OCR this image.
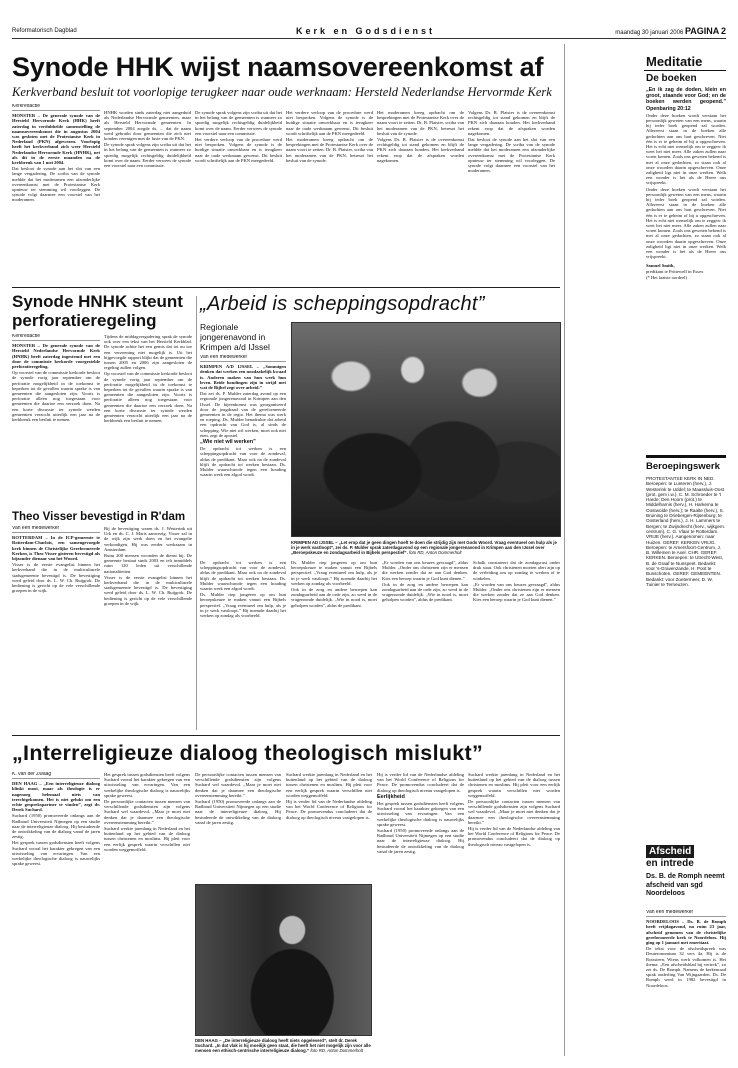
Reformatorisch Dagblad	Kerk en Godsdienst	maandag 30 januari 2006 PAGINA 2
Synode HHK wijst naamsovereenkomst af
Kerkverband besluit tot voorlopige terugkeer naar oude werknaam: Hersteld Nederlandse Hervormde Kerk
Kerkredactie

MONSTER – De generale synode van de Hersteld Hervormde Kerk (HHK) heeft zaterdag in verdubbelde samenstelling de naamsovereenkomst die in augustus 2004 was gesloten met de Protestantse Kerk in Nederland (PKN) afgewezen. Voorlopig heeft het kerkverband zich weer Hersteld Nederlandse Hervormde Kerk (HNHK), net als dit in de eerste maanden na de kerkbreuk van 1 mei 2004.

Dat besloot de synode aan het slot van een lange vergadering. De scriba van de synode meldde dat het moderamen een afzonderlijke overeenkomst met de Protestantse Kerk opnieuw ter stemming wil voorleggen. De synode volgt daarmee een voorstel van het moderamen.

HNHK worden sinds zaterdag niet aangeduid als Nederlandse Hervormde gemeenten, maar als Hersteld Hervormde gemeenten. In september 2004 zorgde ds. ... dat de naam werd gebruikt door gemeenten die zich niet konden verenigen met de fusie van de PKN.

De synode sprak volgens zijn scriba uit dat het in het belang van de gemeenten is wanneer zo spoedig mogelijk rechtsgeldig duidelijkheid komt over de naam. Eerder verwees de synode een voorstel naar een commissie.

De synode sprak volgens zijn scriba uit dat het in het belang van de gemeenten is wanneer zo spoedig mogelijk rechtsgeldig duidelijkheid komt over de naam. Eerder verwees de synode een voorstel naar een commissie.

Het verdere verloop van de procedure werd niet besproken. Volgens de synode is de huidige situatie onwerkbaar en is terugkeer naar de oude werknaam gewenst. Dit besluit wordt schriftelijk aan de PKN meegedeeld.

Het verdere verloop van de procedure werd niet besproken. Volgens de synode is de huidige situatie onwerkbaar en is terugkeer naar de oude werknaam gewenst. Dit besluit wordt schriftelijk aan de PKN meegedeeld.

Het moderamen kreeg opdracht om de besprekingen met de Protestantse Kerk over de naam voort te zetten. Dr. B. Plaisier, scriba van het moderamen van de PKN, betreurt het besluit van de synode.

Het moderamen kreeg opdracht om de besprekingen met de Protestantse Kerk over de naam voort te zetten. Dr. B. Plaisier, scriba van het moderamen van de PKN, betreurt het besluit van de synode.

Volgens Dr. B. Plaisier is de overeenkomst rechtsgeldig tot stand gekomen en blijft de PKN zich daaraan houden. Het kerkverband rekent erop dat de afspraken worden nagekomen.

Volgens Dr. B. Plaisier is de overeenkomst rechtsgeldig tot stand gekomen en blijft de PKN zich daaraan houden. Het kerkverband rekent erop dat de afspraken worden nagekomen.

Dat besloot de synode aan het slot van een lange vergadering. De scriba van de synode meldde dat het moderamen een afzonderlijke overeenkomst met de Protestantse Kerk opnieuw ter stemming wil voorleggen. De synode volgt daarmee een voorstel van het moderamen.

Synode HNHK steunt perforatieregeling
Kerkredactie

MONSTER – De generale synode van de Hersteld Nederlandse Hervormde Kerk (HNHK) heeft zaterdag ingestemd met een door de commissie kerkorde voorgestelde perforatieregeling.

Op voorstel van de commissie kerkorde besloot de synode vorig jaar september om de perforatie mogelijkheid in de toekomst te beperken tot de gevallen waarin sprake is van gemeenten die aangesloten zijn. Voorts is perforatie alleen nog toegestaan voor gemeenten die daartoe een verzoek doen. Na een korte discussie ter synode werden gemeenten verzocht uiterlijk een jaar na de kerkbreuk een besluit te nemen.

Tijdens de middagvergadering sprak de synode ook over een tekst van het Hersteld Kerkblad. De synode achtte het een gemis dat tot nu toe een verzoening niet mogelijk is. Uit het bijgevoegde rapport blijkt dat de gemeenten die tussen 2005 en 2006 zijn aangesloten de regeling zullen volgen.

Op voorstel van de commissie kerkorde besloot de synode vorig jaar september om de perforatie mogelijkheid in de toekomst te beperken tot de gevallen waarin sprake is van gemeenten die aangesloten zijn. Voorts is perforatie alleen nog toegestaan voor gemeenten die daartoe een verzoek doen. Na een korte discussie ter synode werden gemeenten verzocht uiterlijk een jaar na de kerkbreuk een besluit te nemen.

Theo Visser bevestigd in R'dam
Van een medewerker

ROTTERDAM – In de ICP-gemeente te Rotterdam-Charlois, een samengevoegde kerk binnen de Christelijke Gereformeerde Kerken, is Theo Visser gisteren bevestigd als bijzonder dienaar van het Woord.

Visser is de eerste evangelist binnen het kerkverband die in de multiculturele stadsgemeente bevestigd is. De bevestiging werd geleid door ds. L. W. Ch. Ruijgrok. De bediening is gericht op de vele verschillende groepen in de wijk.

Bij de bevestiging waren ds. J. Westerink uit Urk en ds. C. J. Maris aanwezig. Visser zal in de wijk zijn werk doen en het evangelie verkondigen. Hij was eerder werkzaam in Amsterdam.

Ruim 200 mensen woonden de dienst bij. De gemeente bestaat sinds 2003 en telt inmiddels ruim 120 leden uit verschillende nationaliteiten.

Visser is de eerste evangelist binnen het kerkverband die in de multiculturele stadsgemeente bevestigd is. De bevestiging werd geleid door ds. L. W. Ch. Ruijgrok. De bediening is gericht op de vele verschillende groepen in de wijk.

„Arbeid is scheppingsopdracht”
Regionale jongerenavond in Krimpen a/d IJssel
Van een medewerker

KRIMPEN A/D IJSSEL – „Sommigen denken dat werken een noodzakelijk kwaad is. Anderen maken van hun werk hun leven. Beide houdingen zijn in strijd met wat de Bijbel zegt over arbeid.”

Dat zei ds. P. Mulder zaterdag avond op een regionale jongerenavond in Krimpen aan den IJssel. De bijeenkomst was georganiseerd door de jeugdraad van de gereformeerde gemeenten in de regio. Het thema was werk en roeping. Ds. Mulder benadrukte dat arbeid een opdracht van God is, al sinds de schepping. Wie niet wil werken, moet ook niet eten, zegt de apostel.

„Wie niet wil werken”

De opdracht tot werken is een scheppingsopdracht van voor de zondeval, aldus de predikant. Maar ook na de zondeval blijft de opdracht tot werken bestaan. Ds. Mulder waarschuwde tegen een houding waarin werk een afgod wordt.

KRIMPEN AD IJSSEL – „Let erop dat je geen dingen hoeft te doen die strijdig zijn met Gods Woord. Vraag eventueel om hulp als je in je werk vastloopt”, zei ds. P. Mulder sprak zaterdagavond op een regionale jongerenavond in Krimpen aan den IJssel over „Beroepskeuze en zondagsarbeid in Bijbels perspectief”. foto RD, Anton Dommerholt

De opdracht tot werken is een scheppingsopdracht van voor de zondeval, aldus de predikant. Maar ook na de zondeval blijft de opdracht tot werken bestaan. Ds. Mulder waarschuwde tegen een houding waarin werk een afgod wordt.

Ds. Mulder riep jongeren op om hun beroepskeuze te maken vanuit een Bijbels perspectief. „Vraag eventueel om hulp, als je in je werk vastloopt.” Hij noemde daarbij het werken op zondag als voorbeeld.

Ds. Mulder riep jongeren op om hun beroepskeuze te maken vanuit een Bijbels perspectief. „Vraag eventueel om hulp, als je in je werk vastloopt.” Hij noemde daarbij het werken op zondag als voorbeeld.

Ook in de zorg en andere beroepen kan zondagsarbeid aan de orde zijn, zo werd in de vragenronde duidelijk. „Wie in nood is, moet geholpen worden”, aldus de predikant.

„Er worden van ons keuzes gevraagd”, aldus Mulder. „Onder ons christenen zijn er mensen die werken zonder dat ze aan God denken. Kies een beroep waarin je God kunt dienen.”

Ook in de zorg en andere beroepen kan zondagsarbeid aan de orde zijn, zo werd in de vragenronde duidelijk. „Wie in nood is, moet geholpen worden”, aldus de predikant.

Schalk constateert dat de zondagsrust onder druk staat. Ook christenen moeten alert zijn op de verleiding om op zondag te werken of te winkelen.

„Er worden van ons keuzes gevraagd”, aldus Mulder. „Onder ons christenen zijn er mensen die werken zonder dat ze aan God denken. Kies een beroep waarin je God kunt dienen.”

„Interreligieuze dialoog theologisch mislukt”
K. van der Zwaag

DEN HAAG – „Een interreligieuze dialoog klinkt mooi, maar als theologie is er nagenoeg helemaal niets van terechtgekomen. Het is niet gelukt om een echte gesprekspartner te vinden”, zegt dr. Derek Suchard.

Suchard (1950) promoveerde onlangs aan de Radboud Universiteit Nijmegen op een studie naar de interreligieuze dialoog. Hij bestudeerde de ontwikkeling van de dialoog vanaf de jaren zestig.

Het gesprek tussen godsdiensten heeft volgens Suchard vooral het karakter gekregen van een uitwisseling van ervaringen. Van een werkelijke theologische dialoog is nauwelijks sprake geweest.

Het gesprek tussen godsdiensten heeft volgens Suchard vooral het karakter gekregen van een uitwisseling van ervaringen. Van een werkelijke theologische dialoog is nauwelijks sprake geweest.

De persoonlijke contacten tussen mensen van verschillende godsdiensten zijn volgens Suchard wel waardevol. „Maar je moet niet denken dat je daarmee een theologische overeenstemming bereikt.”

Suchard werkte jarenlang in Nederland en het buitenland op het gebied van de dialoog tussen christenen en moslims. Hij pleit voor een eerlijk gesprek waarin verschillen niet worden weggemoffeld.

De persoonlijke contacten tussen mensen van verschillende godsdiensten zijn volgens Suchard wel waardevol. „Maar je moet niet denken dat je daarmee een theologische overeenstemming bereikt.”

Suchard (1950) promoveerde onlangs aan de Radboud Universiteit Nijmegen op een studie naar de interreligieuze dialoog. Hij bestudeerde de ontwikkeling van de dialoog vanaf de jaren zestig.

Suchard werkte jarenlang in Nederland en het buitenland op het gebied van de dialoog tussen christenen en moslims. Hij pleit voor een eerlijk gesprek waarin verschillen niet worden weggemoffeld.

Hij is verder lid van de Nederlandse afdeling van het World Conference of Religions for Peace. De promovendus concludeert dat de dialoog op theologisch niveau vastgelopen is.

Hij is verder lid van de Nederlandse afdeling van het World Conference of Religions for Peace. De promovendus concludeert dat de dialoog op theologisch niveau vastgelopen is.

Eerlijkheid

Het gesprek tussen godsdiensten heeft volgens Suchard vooral het karakter gekregen van een uitwisseling van ervaringen. Van een werkelijke theologische dialoog is nauwelijks sprake geweest.

Suchard (1950) promoveerde onlangs aan de Radboud Universiteit Nijmegen op een studie naar de interreligieuze dialoog. Hij bestudeerde de ontwikkeling van de dialoog vanaf de jaren zestig.

Suchard werkte jarenlang in Nederland en het buitenland op het gebied van de dialoog tussen christenen en moslims. Hij pleit voor een eerlijk gesprek waarin verschillen niet worden weggemoffeld.

De persoonlijke contacten tussen mensen van verschillende godsdiensten zijn volgens Suchard wel waardevol. „Maar je moet niet denken dat je daarmee een theologische overeenstemming bereikt.”

Hij is verder lid van de Nederlandse afdeling van het World Conference of Religions for Peace. De promovendus concludeert dat de dialoog op theologisch niveau vastgelopen is.

DEN HAAG – „De interreligieuze dialoog heeft niets opgeleverd”, stelt dr. Derek Suchard. „In dat vlak is hij moeilijk geen staat, die heeft het niet mogelijk zijn voor alle mensen een ethisch-centrische interreligieuze dialoog.” foto RD, Anton Dommerholt
Meditatie
De boeken

„En ik zag de doden, klein en groot, staande voor God; en de boeken werden geopend.” Openbaring 20:12

Onder deze boeken wordt verstaan het persoonlijk geweten van een mens, waarin bij ieder boek geopend zal worden. Allereerst staan in de boeken alle gedachten aan ons hart geschreven. Niet één is er te geheim of bij u opgeschreven. Het is echt niet wenselijk om te zeggen: ik weet het niet meer. Alle zaken zullen naar voren komen. Zoals ons geweten bekend is met al onze gedachten, zo staan ook al onze woorden daarin opgeschreven. Onze zaligheid ligt niet in onze werken. Welk een wonder is het als de Heere ons vrijspreekt.

Onder deze boeken wordt verstaan het persoonlijk geweten van een mens, waarin bij ieder boek geopend zal worden. Allereerst staan in de boeken alle gedachten aan ons hart geschreven. Niet één is er te geheim of bij u opgeschreven. Het is echt niet wenselijk om te zeggen: ik weet het niet meer. Alle zaken zullen naar voren komen. Zoals ons geweten bekend is met al onze gedachten, zo staan ook al onze woorden daarin opgeschreven. Onze zaligheid ligt niet in onze werken. Welk een wonder is het als de Heere ons vrijspreekt.

Samuel Smith,

predikant te Prittewell in Essex

(* Het laatste oordeel)

Beroepingswerk

PROTESTANTSE KERK IN NED. Beroepen: te Lunteren (herv.), J. Westerink te Uddel; te Maassluis-Oost (prot. gem i.w.), C. M. Schroeder te 't Harde; Den Hoorn (prot.) te Middelharnis (herv.), H. Harkema te Oostwolde (herv.); te Raalte (herv.), S. Bruining te Driebergen-Rijsenburg; te Oosterland (herv.), J. H. Lammers te Bergen; te Zwijndrecht (herv., wijkgem. centrum), C. G. Vlaar te Rotterdam. VRIJE (herv.). Aangenomen: naar Huizen. GEREF. KERKEN VRIJG. Beroepen: te Amersfoort-Centrum, J. B. Willemen te Axel. CHR. GEREF. KERKEN. Beroepen: te Utrecht-West, B. de Graaf te Nunspeet. Bedankt: voor 's-Gravenzande, H. Poot te Bunschoten. GEREF. GEMEENTEN. Bedankt: voor Zoetermeer, D. W. Tuinier te Terneuzen.

Afscheid
en intrede
Ds. B. de Romph neemt afscheid van sgd Noordeloos
Van een medewerker

NOORDELOOS – Ds. B. de Romph heeft vrijdagavond, na ruim 23 jaar, afscheid genomen van de christelijke gereformeerde kerk te Noordeloos. Hij ging op 1 januari met emeritaat.

De tekst voor de afscheidspreek was Deuteronomium 32 vers 4a. Hij is de Rotssteen, Wiens werk volkomen is. Het thema: „Een afscheidsblad bij vertrek”, zo zei ds. De Romph. Namens de kerkenraad sprak ouderling Van Wijngaarden. Ds. De Romph werd in 1982 bevestigd in Noordeloos.
